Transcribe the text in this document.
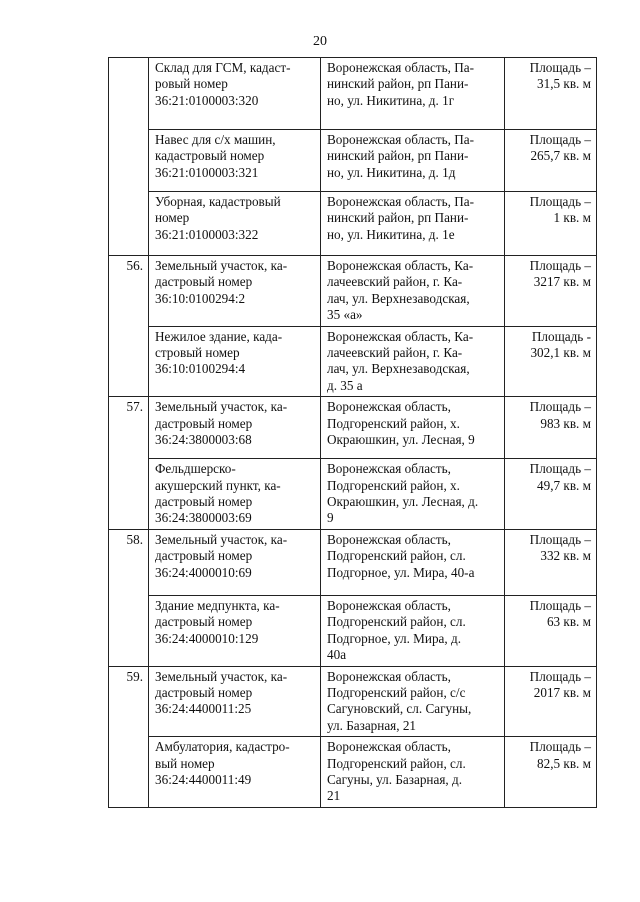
20

	Склад для ГСМ, кадаст-
ровый номер
36:21:0100003:320	Воронежская область, Па-
нинский район, рп Пани-
но, ул. Никитина, д. 1г	Площадь –
31,5 кв. м

	Навес для с/х машин,
кадастровый номер
36:21:0100003:321	Воронежская область, Па-
нинский район, рп Пани-
но, ул. Никитина, д. 1д	Площадь –
265,7 кв. м

	Уборная, кадастровый
номер
36:21:0100003:322	Воронежская область, Па-
нинский район, рп Пани-
но, ул. Никитина, д. 1е	Площадь –
1 кв. м

56.	Земельный участок, ка-
дастровый номер
36:10:0100294:2	Воронежская область, Ка-
лачеевский район, г. Ка-
лач, ул. Верхнезаводская,
35 «а»	Площадь –
3217 кв. м

	Нежилое здание, када-
стровый номер
36:10:0100294:4	Воронежская область, Ка-
лачеевский район, г. Ка-
лач, ул. Верхнезаводская,
д. 35 а	Площадь -
302,1 кв. м

57.	Земельный участок, ка-
дастровый номер
36:24:3800003:68	Воронежская область,
Подгоренский район, х.
Окраюшкин, ул. Лесная, 9	Площадь –
983 кв. м

	Фельдшерско-
акушерский пункт, ка-
дастровый номер
36:24:3800003:69	Воронежская область,
Подгоренский район, х.
Окраюшкин, ул. Лесная, д.
9	Площадь –
49,7 кв. м

58.	Земельный участок, ка-
дастровый номер
36:24:4000010:69	Воронежская область,
Подгоренский район, сл.
Подгорное, ул. Мира, 40-а	Площадь –
332 кв. м

	Здание медпункта, ка-
дастровый номер
36:24:4000010:129	Воронежская область,
Подгоренский район, сл.
Подгорное, ул. Мира, д.
40а	Площадь –
63 кв. м

59.	Земельный участок, ка-
дастровый номер
36:24:4400011:25	Воронежская область,
Подгоренский район, с/с
Сагуновский, сл. Сагуны,
ул. Базарная, 21	Площадь –
2017 кв. м

	Амбулатория, кадастро-
вый номер
36:24:4400011:49	Воронежская область,
Подгоренский район, сл.
Сагуны, ул. Базарная, д.
21	Площадь –
82,5 кв. м
